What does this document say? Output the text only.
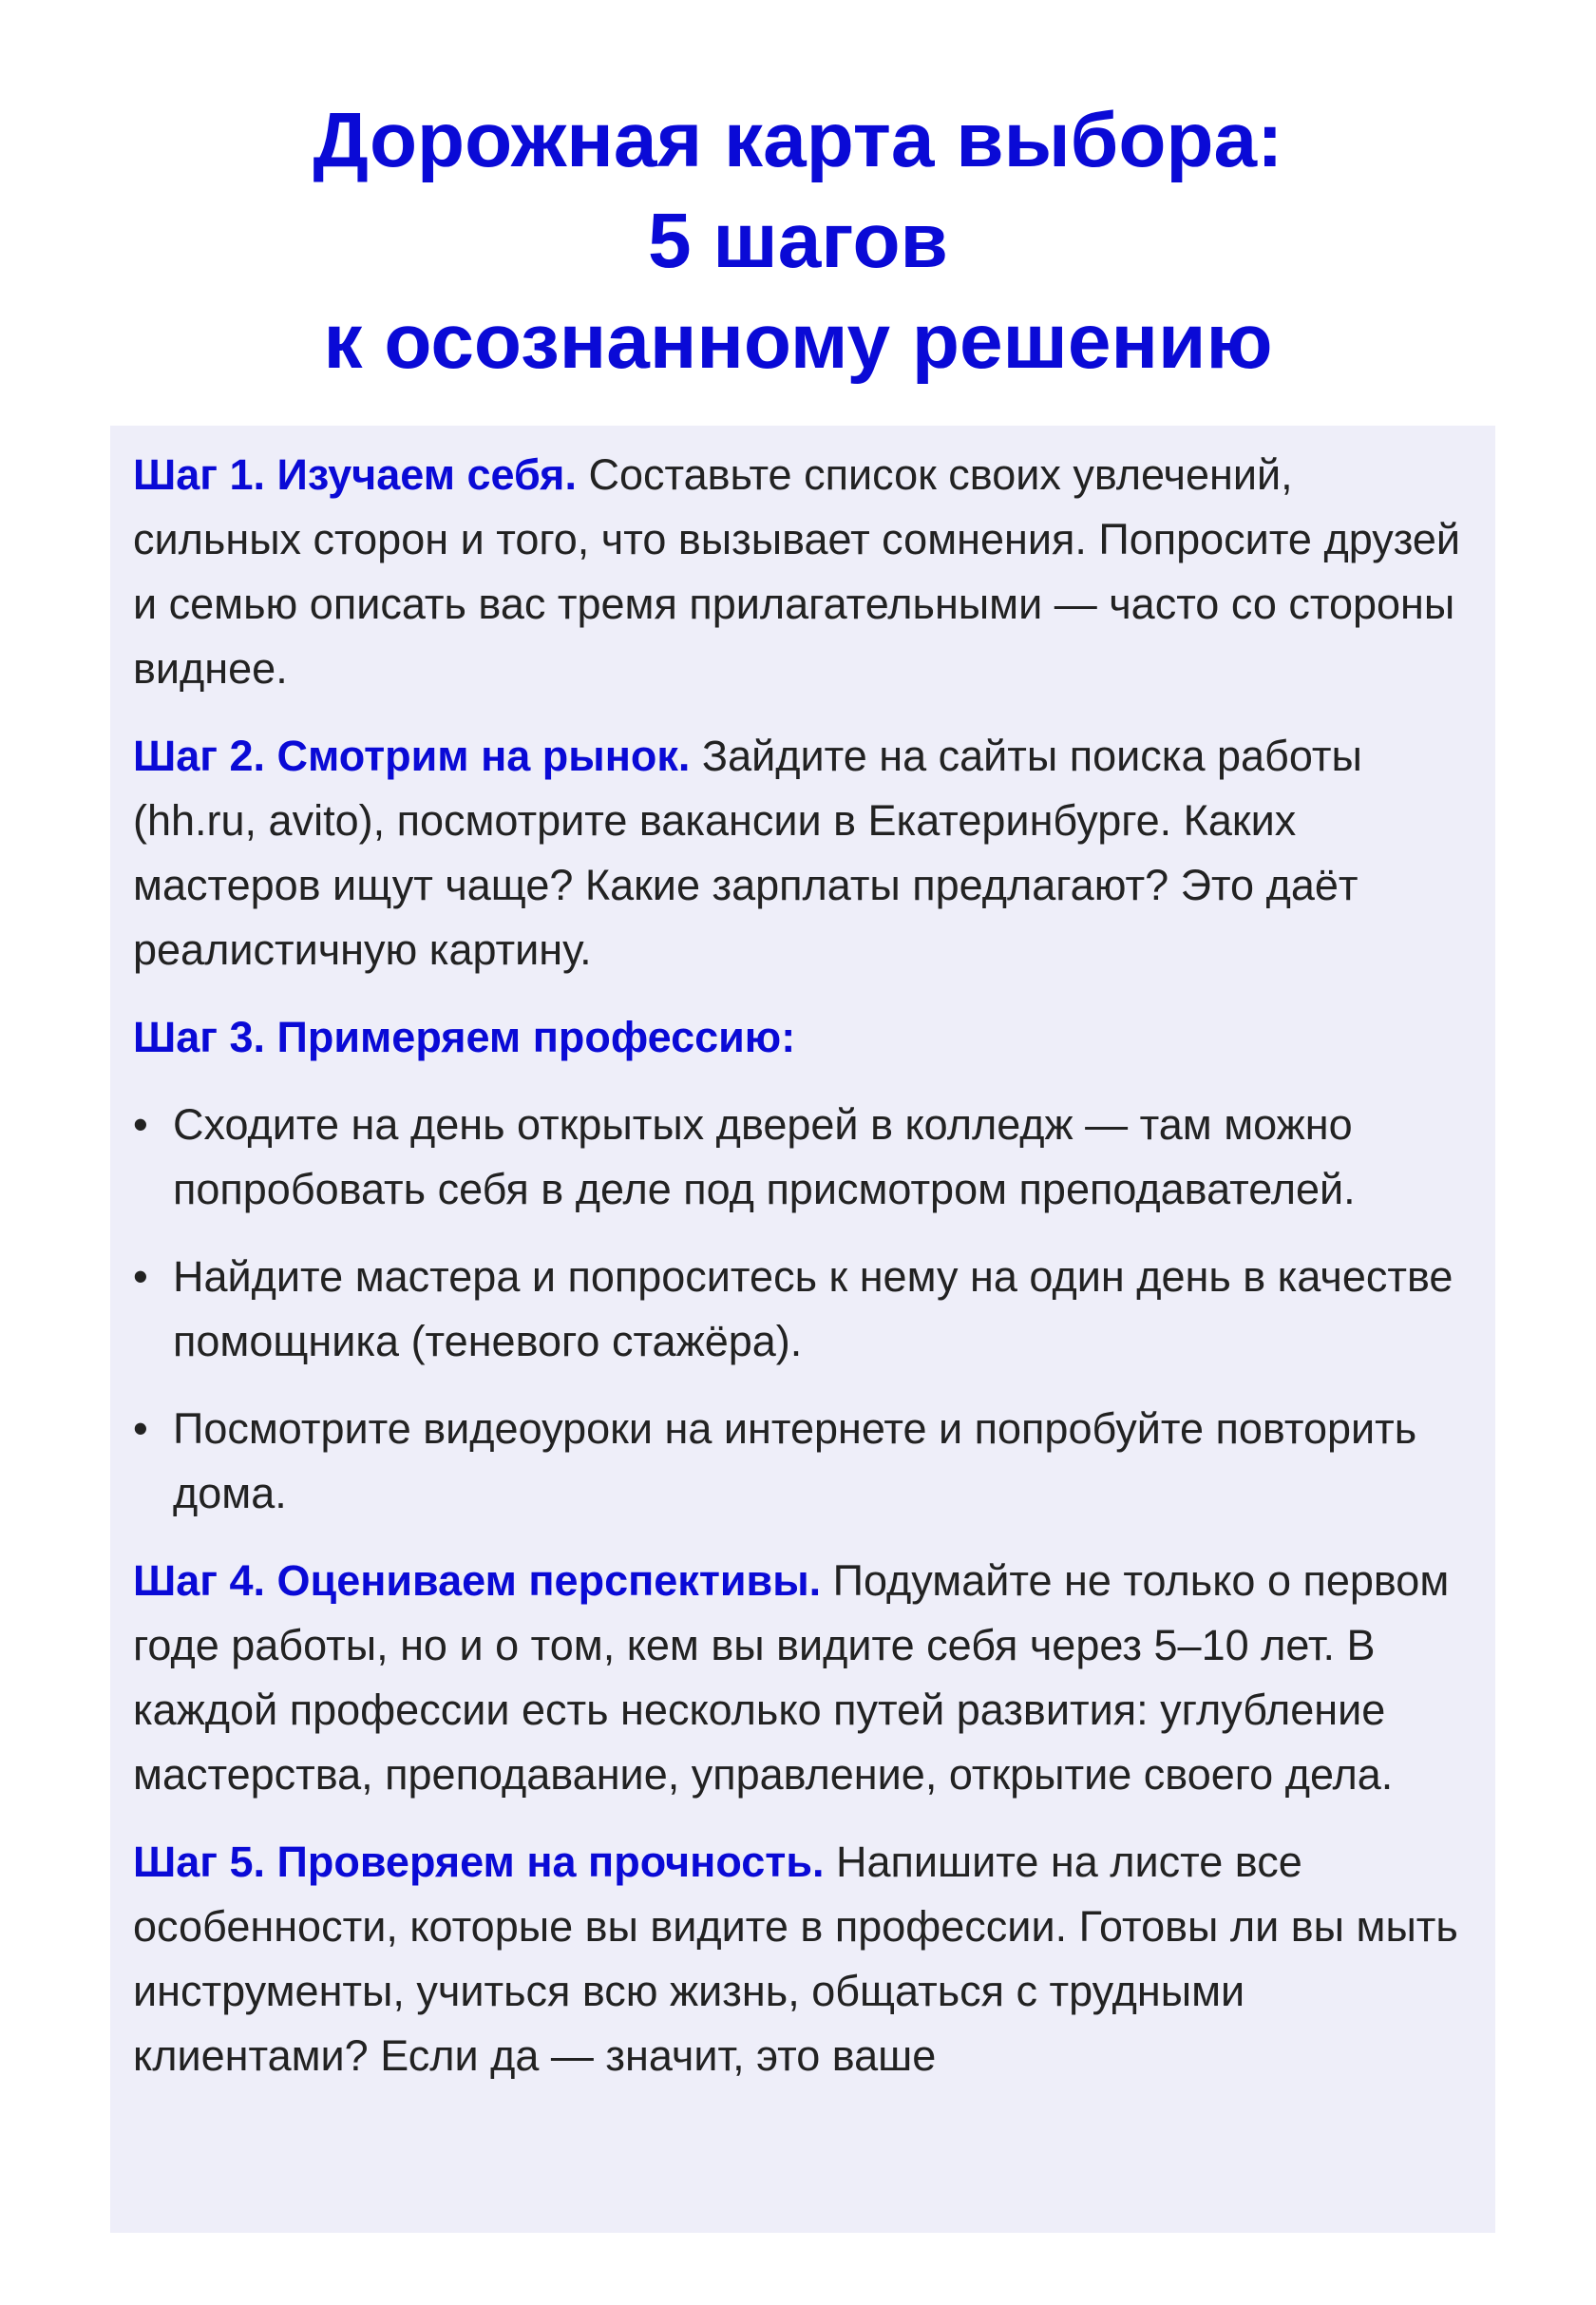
Дорожная карта выбора:
5 шагов
к осознанному решению

Шаг 1. Изучаем себя. Составьте список своих увлечений, сильных сторон и того, что вызывает сомнения. Попросите друзей и семью описать вас тремя прилагательными — часто со стороны виднее.

Шаг 2. Смотрим на рынок. Зайдите на сайты поиска работы (hh.ru, avito), посмотрите вакансии в Екатеринбурге. Каких мастеров ищут чаще? Какие зарплаты предлагают? Это даёт реалистичную картину.

Шаг 3. Примеряем профессию:

• Сходите на день открытых дверей в колледж — там можно попробовать себя в деле под присмотром преподавателей.
• Найдите мастера и попроситесь к нему на один день в качестве помощника (теневого стажёра).
• Посмотрите видеоуроки на интернете и попробуйте повторить дома.

Шаг 4. Оцениваем перспективы. Подумайте не только о первом годе работы, но и о том, кем вы видите себя через 5–10 лет. В каждой профессии есть несколько путей развития: углубление мастерства, преподавание, управление, открытие своего дела.

Шаг 5. Проверяем на прочность. Напишите на листе все особенности, которые вы видите в профессии. Готовы ли вы мыть инструменты, учиться всю жизнь, общаться с трудными клиентами? Если да — значит, это ваше
